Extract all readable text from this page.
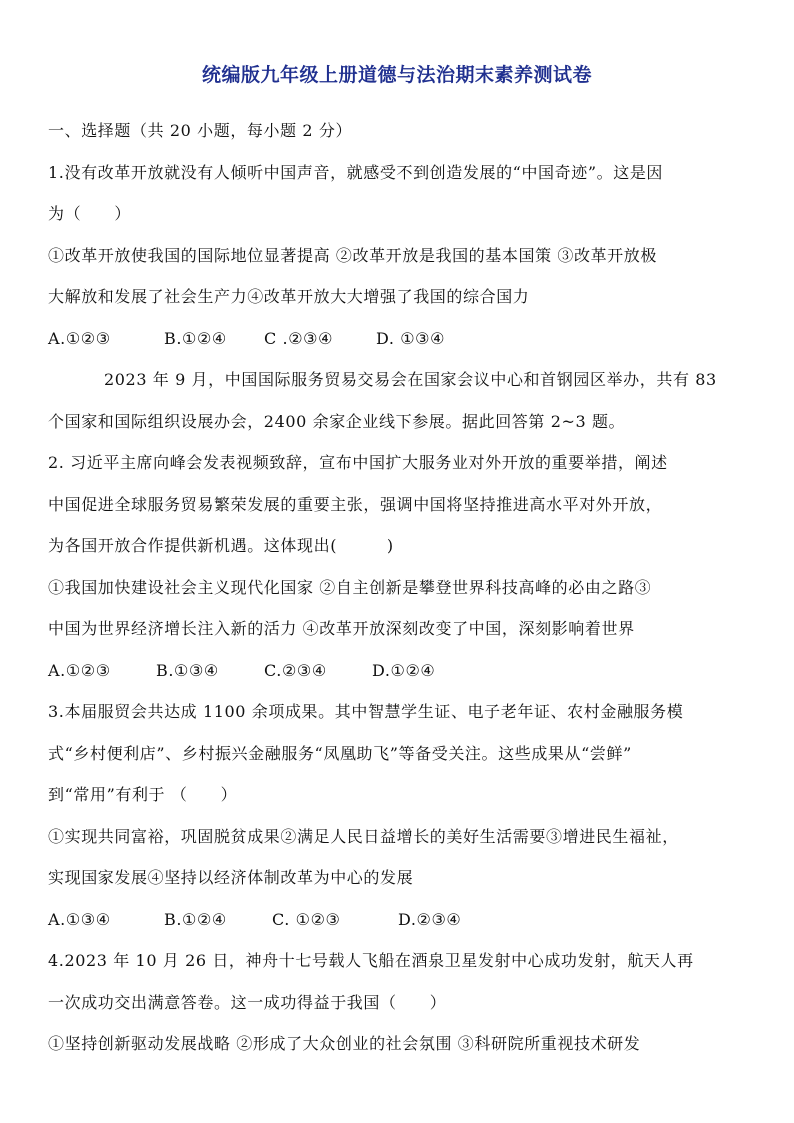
统编版九年级上册道德与法治期末素养测试卷
一、选择题（共 20 小题，每小题 2 分）
1.没有改革开放就没有人倾听中国声音，就感受不到创造发展的“中国奇迹”。这是因
为（　　）
①改革开放使我国的国际地位显著提高 ②改革开放是我国的基本国策 ③改革开放极
大解放和发展了社会生产力④改革开放大大增强了我国的综合国力
A.①②③	B.①②④	C .②③④	D. ①③④
2023 年 9 月，中国国际服务贸易交易会在国家会议中心和首钢园区举办，共有 83
个国家和国际组织设展办会，2400 余家企业线下参展。据此回答第 2~3 题。
2. 习近平主席向峰会发表视频致辞，宣布中国扩大服务业对外开放的重要举措，阐述
中国促进全球服务贸易繁荣发展的重要主张，强调中国将坚持推进高水平对外开放，
为各国开放合作提供新机遇。这体现出(　　　)
①我国加快建设社会主义现代化国家 ②自主创新是攀登世界科技高峰的必由之路③
中国为世界经济增长注入新的活力 ④改革开放深刻改变了中国，深刻影响着世界
A.①②③	B.①③④	C.②③④	D.①②④
3.本届服贸会共达成 1100 余项成果。其中智慧学生证、电子老年证、农村金融服务模
式“乡村便利店”、乡村振兴金融服务“凤凰助飞”等备受关注。这些成果从“尝鲜”
到“常用”有利于 （　　）
①实现共同富裕，巩固脱贫成果②满足人民日益增长的美好生活需要③增进民生福祉，
实现国家发展④坚持以经济体制改革为中心的发展
A.①③④	B.①②④	C. ①②③	D.②③④
4.2023 年 10 月 26 日，神舟十七号载人飞船在酒泉卫星发射中心成功发射，航天人再
一次成功交出满意答卷。这一成功得益于我国（　　）
①坚持创新驱动发展战略 ②形成了大众创业的社会氛围 ③科研院所重视技术研发
